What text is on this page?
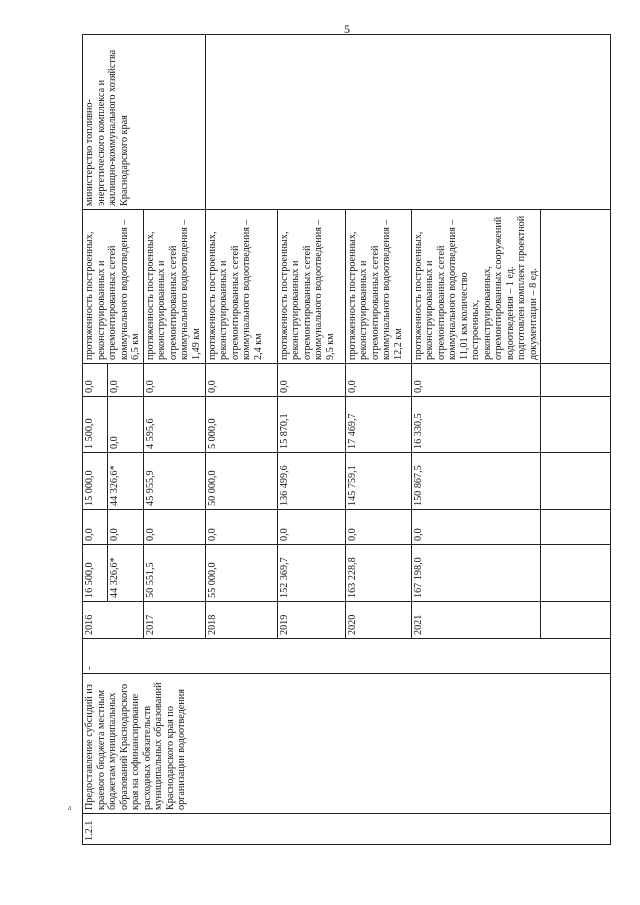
5
a
1.2.1	Предоставление субсидий из краевого бюджета местным бюджетам муниципальных образований Краснодарского края на софинансирование расходных обязательств муниципальных образований Краснодарского края по организации водоотведения	-	2016	16 500,0	0,0	15 000,0	1 500,0	0,0	протяженность построенных, реконструированных и отремонтированных сетей коммунального водоотведения – 6,5 км	министерство топливно-энергетического комплекса и жилищно-коммунального хозяйства Краснодарского края
				44 326,6*	0,0	44 326,6*	0,0	0,0		
			2017	50 551,5	0,0	45 955,9	4 595,6	0,0	протяженность построенных, реконструированных и отремонтированных сетей коммунального водоотведения – 1,49 км	
			2018	55 000,0	0,0	50 000,0	5 000,0	0,0	протяженность построенных, реконструированных и отремонтированных сетей коммунального водоотведения – 2,4 км	
			2019	152 369,7	0,0	136 499,6	15 870,1	0,0	протяженность построенных, реконструированных и отремонтированных сетей коммунального водоотведения – 9,5 км	
			2020	163 228,8	0,0	145 759,1	17 469,7	0,0	протяженность построенных, реконструированных и отремонтированных сетей коммунального водоотведения – 12,2 км	
			2021	167 198,0	0,0	150 867,5	16 330,5	0,0	протяженность построенных, реконструированных и отремонтированных сетей коммунального водоотведения – 11,01 км количество построенных, реконструированных, отремонтированных сооружений водоотведения – 1 ед. подготовлен комплект проектной документации – 8 ед.	
